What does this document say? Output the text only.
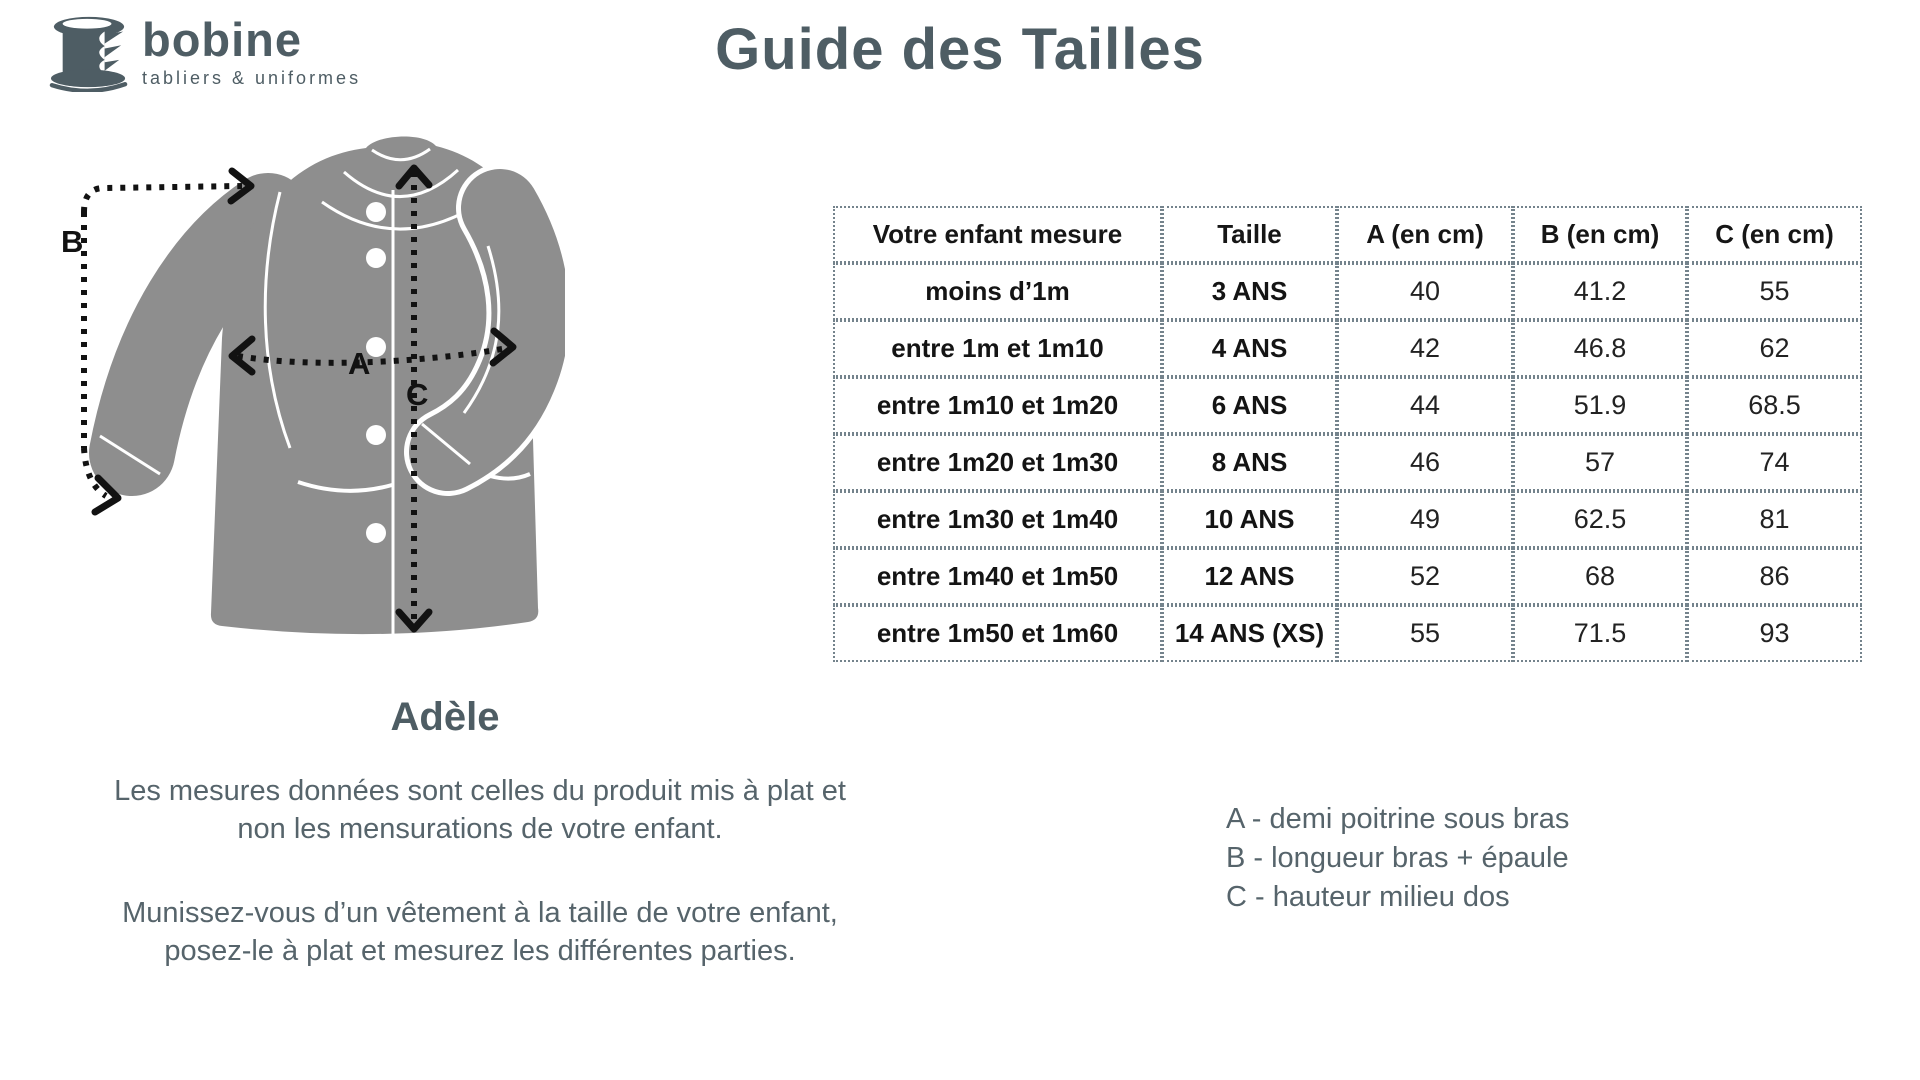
bobine
tabliers & uniformes	Guide des Tailles
B
A
C
Adèle
Votre enfant mesure	Taille	A (en cm)	B (en cm)	C (en cm)
moins d’1m	3 ANS	40	41.2	55
entre 1m et 1m10	4 ANS	42	46.8	62
entre 1m10 et 1m20	6 ANS	44	51.9	68.5
entre 1m20 et 1m30	8 ANS	46	57	74
entre 1m30 et 1m40	10 ANS	49	62.5	81
entre 1m40 et 1m50	12 ANS	52	68	86
entre 1m50 et 1m60	14 ANS (XS)	55	71.5	93
Les mesures données sont celles du produit mis à plat et
non les mensurations de votre enfant.
Munissez-vous d’un vêtement à la taille de votre enfant,
posez-le à plat et mesurez les différentes parties.
A - demi poitrine sous bras
B - longueur bras + épaule
C - hauteur milieu dos
